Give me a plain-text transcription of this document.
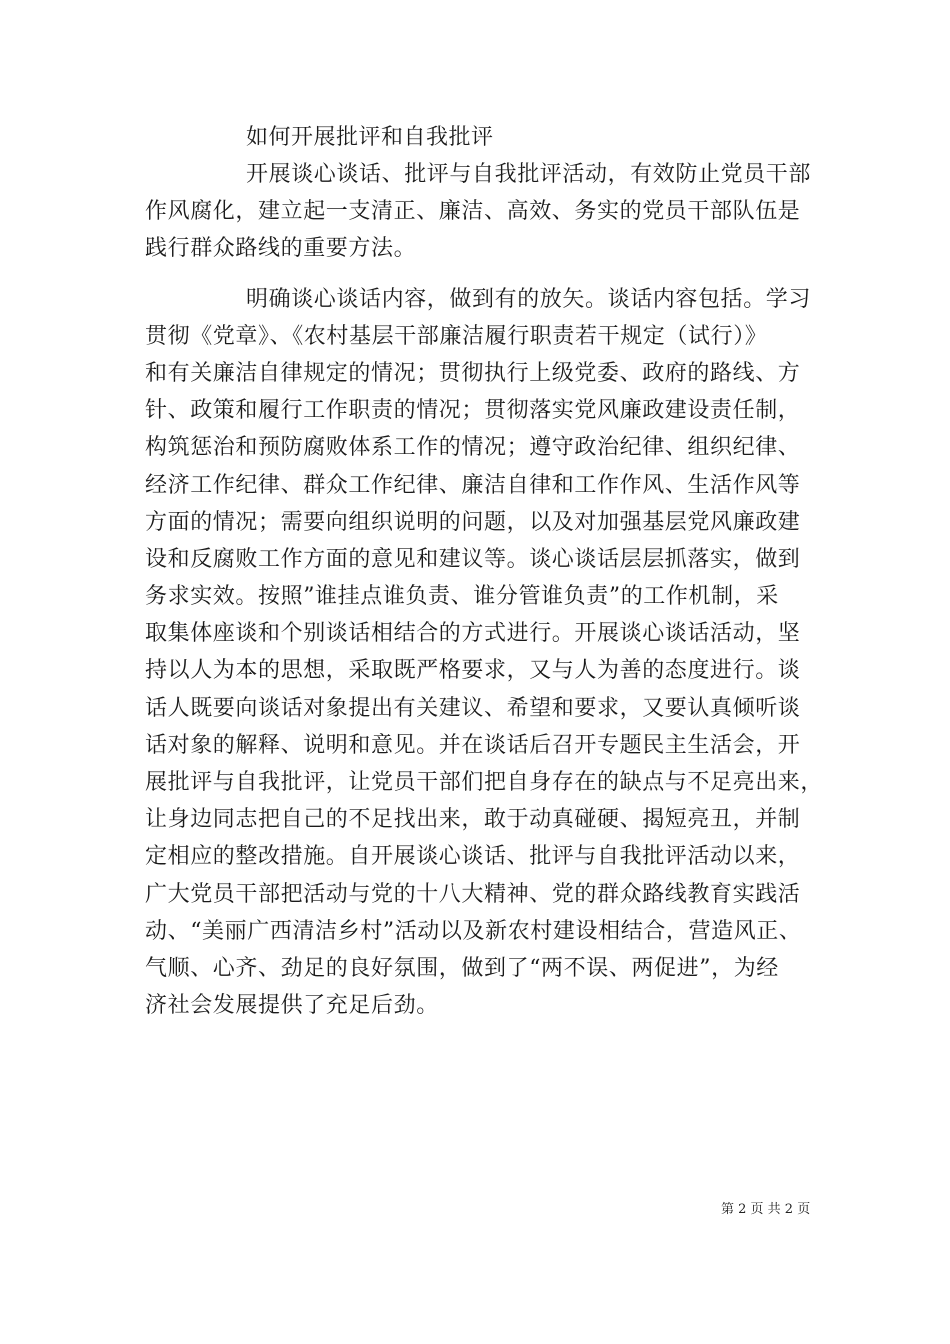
如何开展批评和自我批评
开展谈心谈话、批评与自我批评活动，有效防止党员干部
作风腐化，建立起一支清正、廉洁、高效、务实的党员干部队伍是
践行群众路线的重要方法。
明确谈心谈话内容，做到有的放矢。谈话内容包括。学习
贯彻《党章》、《农村基层干部廉洁履行职责若干规定（试行）》
和有关廉洁自律规定的情况；贯彻执行上级党委、政府的路线、方
针、政策和履行工作职责的情况；贯彻落实党风廉政建设责任制，
构筑惩治和预防腐败体系工作的情况；遵守政治纪律、组织纪律、
经济工作纪律、群众工作纪律、廉洁自律和工作作风、生活作风等
方面的情况；需要向组织说明的问题，以及对加强基层党风廉政建
设和反腐败工作方面的意见和建议等。谈心谈话层层抓落实，做到
务求实效。按照”谁挂点谁负责、谁分管谁负责”的工作机制，采
取集体座谈和个别谈话相结合的方式进行。开展谈心谈话活动，坚
持以人为本的思想，采取既严格要求，又与人为善的态度进行。谈
话人既要向谈话对象提出有关建议、希望和要求，又要认真倾听谈
话对象的解释、说明和意见。并在谈话后召开专题民主生活会，开
展批评与自我批评，让党员干部们把自身存在的缺点与不足亮出来，
让身边同志把自己的不足找出来，敢于动真碰硬、揭短亮丑，并制
定相应的整改措施。自开展谈心谈话、批评与自我批评活动以来，
广大党员干部把活动与党的十八大精神、党的群众路线教育实践活
动、“美丽广西清洁乡村”活动以及新农村建设相结合，营造风正、
气顺、心齐、劲足的良好氛围，做到了“两不误、两促进”，为经
济社会发展提供了充足后劲。
第 2 页 共 2 页
